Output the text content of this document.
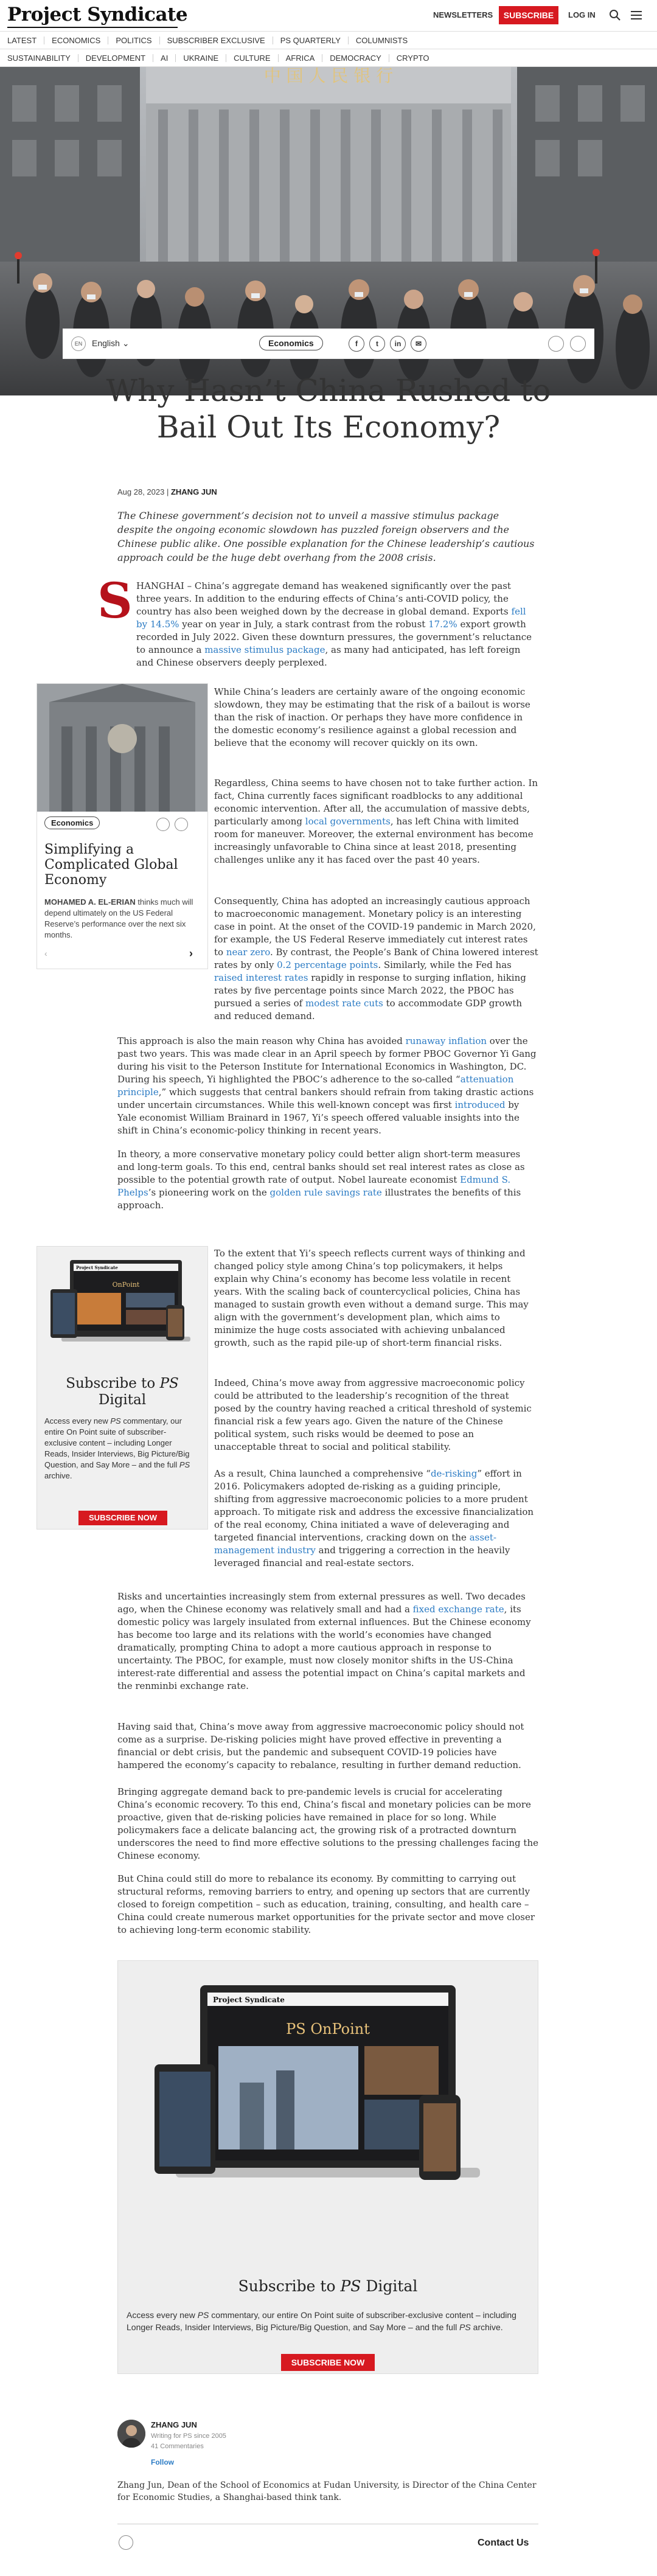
Project Syndicate	NEWSLETTERS	SUBSCRIBE	LOG IN
LATEST	ECONOMICS	POLITICS	SUBSCRIBER EXCLUSIVE	PS QUARTERLY	COLUMNISTS
SUSTAINABILITY	DEVELOPMENT	AI	UKRAINE	CULTURE	AFRICA	DEMOCRACY	CRYPTO
中 国 人 民 银 行
EN	English ⌄	Economics	f	t	in	✉
Why Hasn’t China Rushed to
Bail Out Its Economy?
Aug 28, 2023 | ZHANG JUN
The Chinese government’s decision not to unveil a massive stimulus package despite the ongoing economic slowdown has puzzled foreign observers and the Chinese public alike. One possible explanation for the Chinese leadership’s cautious approach could be the huge debt overhang from the 2008 crisis.
S HANGHAI – China’s aggregate demand has weakened significantly over the past three years. In addition to the enduring effects of China’s anti-COVID policy, the country has also been weighed down by the decrease in global demand. Exports fell by 14.5% year on year in July, a stark contrast from the robust 17.2% export growth recorded in July 2022. Given these downturn pressures, the government’s reluctance to announce a massive stimulus package, as many had anticipated, has left foreign and Chinese observers deeply perplexed.

Economics
Simplifying a Complicated Global Economy
MOHAMED A. EL-ERIAN thinks much will depend ultimately on the US Federal Reserve’s performance over the next six months.
‹	›

While China’s leaders are certainly aware of the ongoing economic slowdown, they may be estimating that the risk of a bailout is worse than the risk of inaction. Or perhaps they have more confidence in the domestic economy’s resilience against a global recession and believe that the economy will recover quickly on its own.

Regardless, China seems to have chosen not to take further action. In fact, China currently faces significant roadblocks to any additional economic intervention. After all, the accumulation of massive debts, particularly among local governments, has left China with limited room for maneuver. Moreover, the external environment has become increasingly unfavorable to China since at least 2018, presenting challenges unlike any it has faced over the past 40 years.

Consequently, China has adopted an increasingly cautious approach to macroeconomic management. Monetary policy is an interesting case in point. At the onset of the COVID-19 pandemic in March 2020, for example, the US Federal Reserve immediately cut interest rates to near zero. By contrast, the People’s Bank of China lowered interest rates by only 0.2 percentage points. Similarly, while the Fed has raised interest rates rapidly in response to surging inflation, hiking rates by five percentage points since March 2022, the PBOC has pursued a series of modest rate cuts to accommodate GDP growth and reduced demand.

This approach is also the main reason why China has avoided runaway inflation over the past two years. This was made clear in an April speech by former PBOC Governor Yi Gang during his visit to the Peterson Institute for International Economics in Washington, DC. During his speech, Yi highlighted the PBOC’s adherence to the so-called “attenuation principle,” which suggests that central bankers should refrain from taking drastic actions under uncertain circumstances. While this well-known concept was first introduced by Yale economist William Brainard in 1967, Yi’s speech offered valuable insights into the shift in China’s economic-policy thinking in recent years.

In theory, a more conservative monetary policy could better align short-term measures and long-term goals. To this end, central banks should set real interest rates as close as possible to the potential growth rate of output. Nobel laureate economist Edmund S. Phelps’s pioneering work on the golden rule savings rate illustrates the benefits of this approach.

Project Syndicate
OnPoint
Subscribe to PS
Digital
Access every new PS commentary, our entire On Point suite of subscriber-exclusive content – including Longer Reads, Insider Interviews, Big Picture/Big Question, and Say More – and the full PS archive.
SUBSCRIBE NOW

To the extent that Yi’s speech reflects current ways of thinking and changed policy style among China’s top policymakers, it helps explain why China’s economy has become less volatile in recent years. With the scaling back of countercyclical policies, China has managed to sustain growth even without a demand surge. This may align with the government’s development plan, which aims to minimize the huge costs associated with achieving unbalanced growth, such as the rapid pile-up of short-term financial risks.

Indeed, China’s move away from aggressive macroeconomic policy could be attributed to the leadership’s recognition of the threat posed by the country having reached a critical threshold of systemic financial risk a few years ago. Given the nature of the Chinese political system, such risks would be deemed to pose an unacceptable threat to social and political stability.

As a result, China launched a comprehensive “de-risking” effort in 2016. Policymakers adopted de-risking as a guiding principle, shifting from aggressive macroeconomic policies to a more prudent approach. To mitigate risk and address the excessive financialization of the real economy, China initiated a wave of deleveraging and targeted financial interventions, cracking down on the asset-management industry and triggering a correction in the heavily leveraged financial and real-estate sectors.

Risks and uncertainties increasingly stem from external pressures as well. Two decades ago, when the Chinese economy was relatively small and had a fixed exchange rate, its domestic policy was largely insulated from external influences. But the Chinese economy has become too large and its relations with the world’s economies have changed dramatically, prompting China to adopt a more cautious approach in response to uncertainty. The PBOC, for example, must now closely monitor shifts in the US-China interest-rate differential and assess the potential impact on China’s capital markets and the renminbi exchange rate.

Having said that, China’s move away from aggressive macroeconomic policy should not come as a surprise. De-risking policies might have proved effective in preventing a financial or debt crisis, but the pandemic and subsequent COVID-19 policies have hampered the economy’s capacity to rebalance, resulting in further demand reduction.

Bringing aggregate demand back to pre-pandemic levels is crucial for accelerating China’s economic recovery. To this end, China’s fiscal and monetary policies can be more proactive, given that de-risking policies have remained in place for so long. While policymakers face a delicate balancing act, the growing risk of a protracted downturn underscores the need to find more effective solutions to the pressing challenges facing the Chinese economy.

But China could still do more to rebalance its economy. By committing to carrying out structural reforms, removing barriers to entry, and opening up sectors that are currently closed to foreign competition – such as education, training, consulting, and health care – China could create numerous market opportunities for the private sector and move closer to achieving long-term economic stability.

Project Syndicate
PS OnPoint
Subscribe to PS Digital
Access every new PS commentary, our entire On Point suite of subscriber-exclusive content – including Longer Reads, Insider Interviews, Big Picture/Big Question, and Say More – and the full PS archive.
SUBSCRIBE NOW
ZHANG JUN
Writing for PS since 2005
41 Commentaries
Follow
Zhang Jun, Dean of the School of Economics at Fudan University, is Director of the China Center for Economic Studies, a Shanghai-based think tank.
Contact Us
